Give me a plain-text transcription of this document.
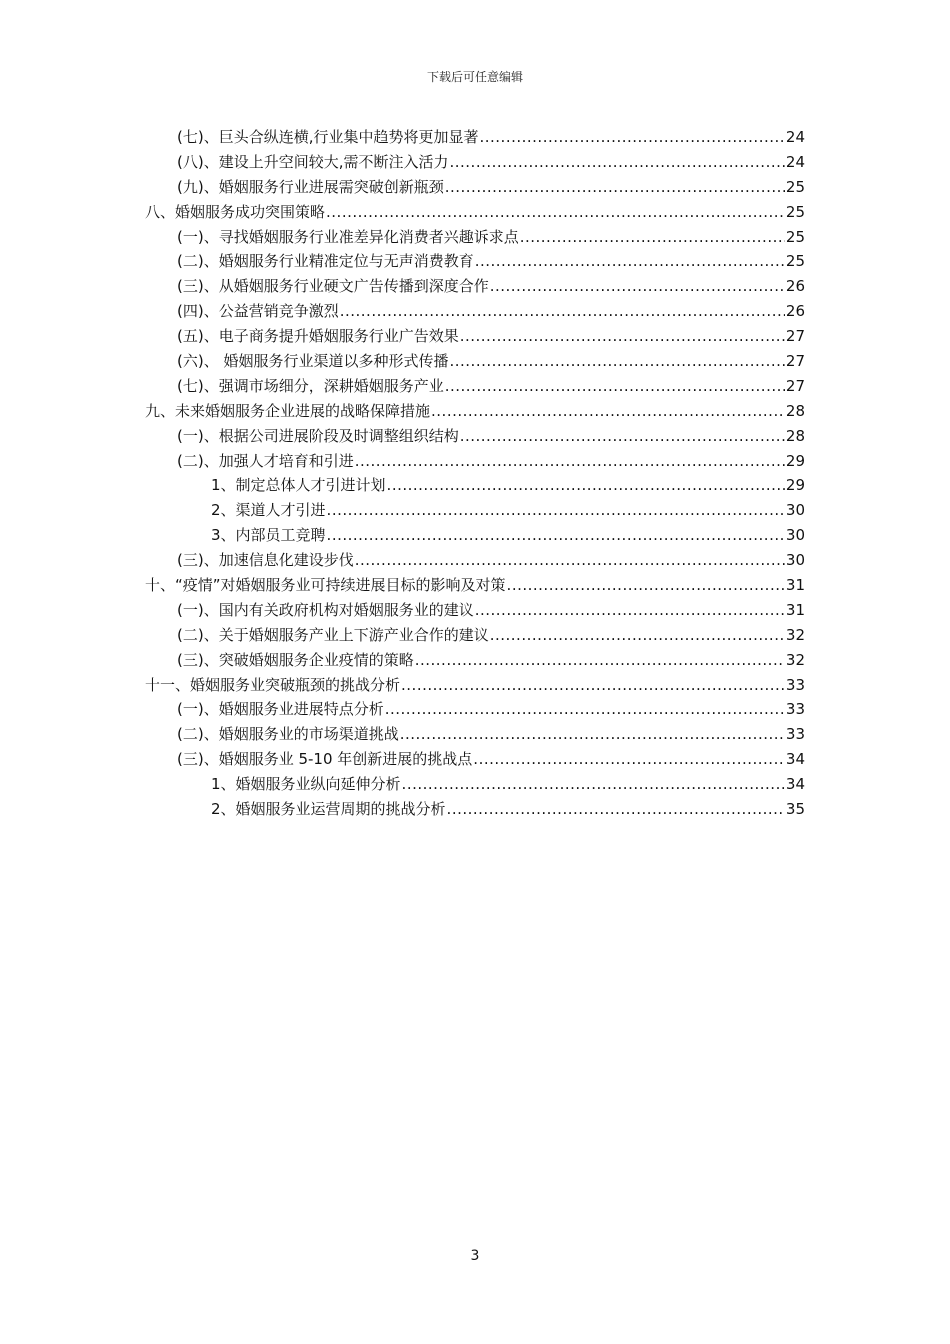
下载后可任意编辑
(七)、巨头合纵连横,行业集中趋势将更加显著 .....	24
(八)、建设上升空间较大,需不断注入活力 .....	24
(九)、婚姻服务行业进展需突破创新瓶颈 .....	25
八、婚姻服务成功突围策略 .....	25
(一)、寻找婚姻服务行业准差异化消费者兴趣诉求点 .....	25
(二)、婚姻服务行业精准定位与无声消费教育 .....	25
(三)、从婚姻服务行业硬文广告传播到深度合作 .....	26
(四)、公益营销竞争激烈 .....	26
(五)、电子商务提升婚姻服务行业广告效果 .....	27
(六)、 婚姻服务行业渠道以多种形式传播 .....	27
(七)、强调市场细分，深耕婚姻服务产业 .....	27
九、未来婚姻服务企业进展的战略保障措施 .....	28
(一)、根据公司进展阶段及时调整组织结构 .....	28
(二)、加强人才培育和引进 .....	29
1、制定总体人才引进计划 .....	29
2、渠道人才引进 .....	30
3、内部员工竞聘 .....	30
(三)、加速信息化建设步伐 .....	30
十、“疫情”对婚姻服务业可持续进展目标的影响及对策 .....	31
(一)、国内有关政府机构对婚姻服务业的建议 .....	31
(二)、关于婚姻服务产业上下游产业合作的建议 .....	32
(三)、突破婚姻服务企业疫情的策略 .....	32
十一、婚姻服务业突破瓶颈的挑战分析 .....	33
(一)、婚姻服务业进展特点分析 .....	33
(二)、婚姻服务业的市场渠道挑战 .....	33
(三)、婚姻服务业 5-10 年创新进展的挑战点 .....	34
1、婚姻服务业纵向延伸分析 .....	34
2、婚姻服务业运营周期的挑战分析 .....	35
3
